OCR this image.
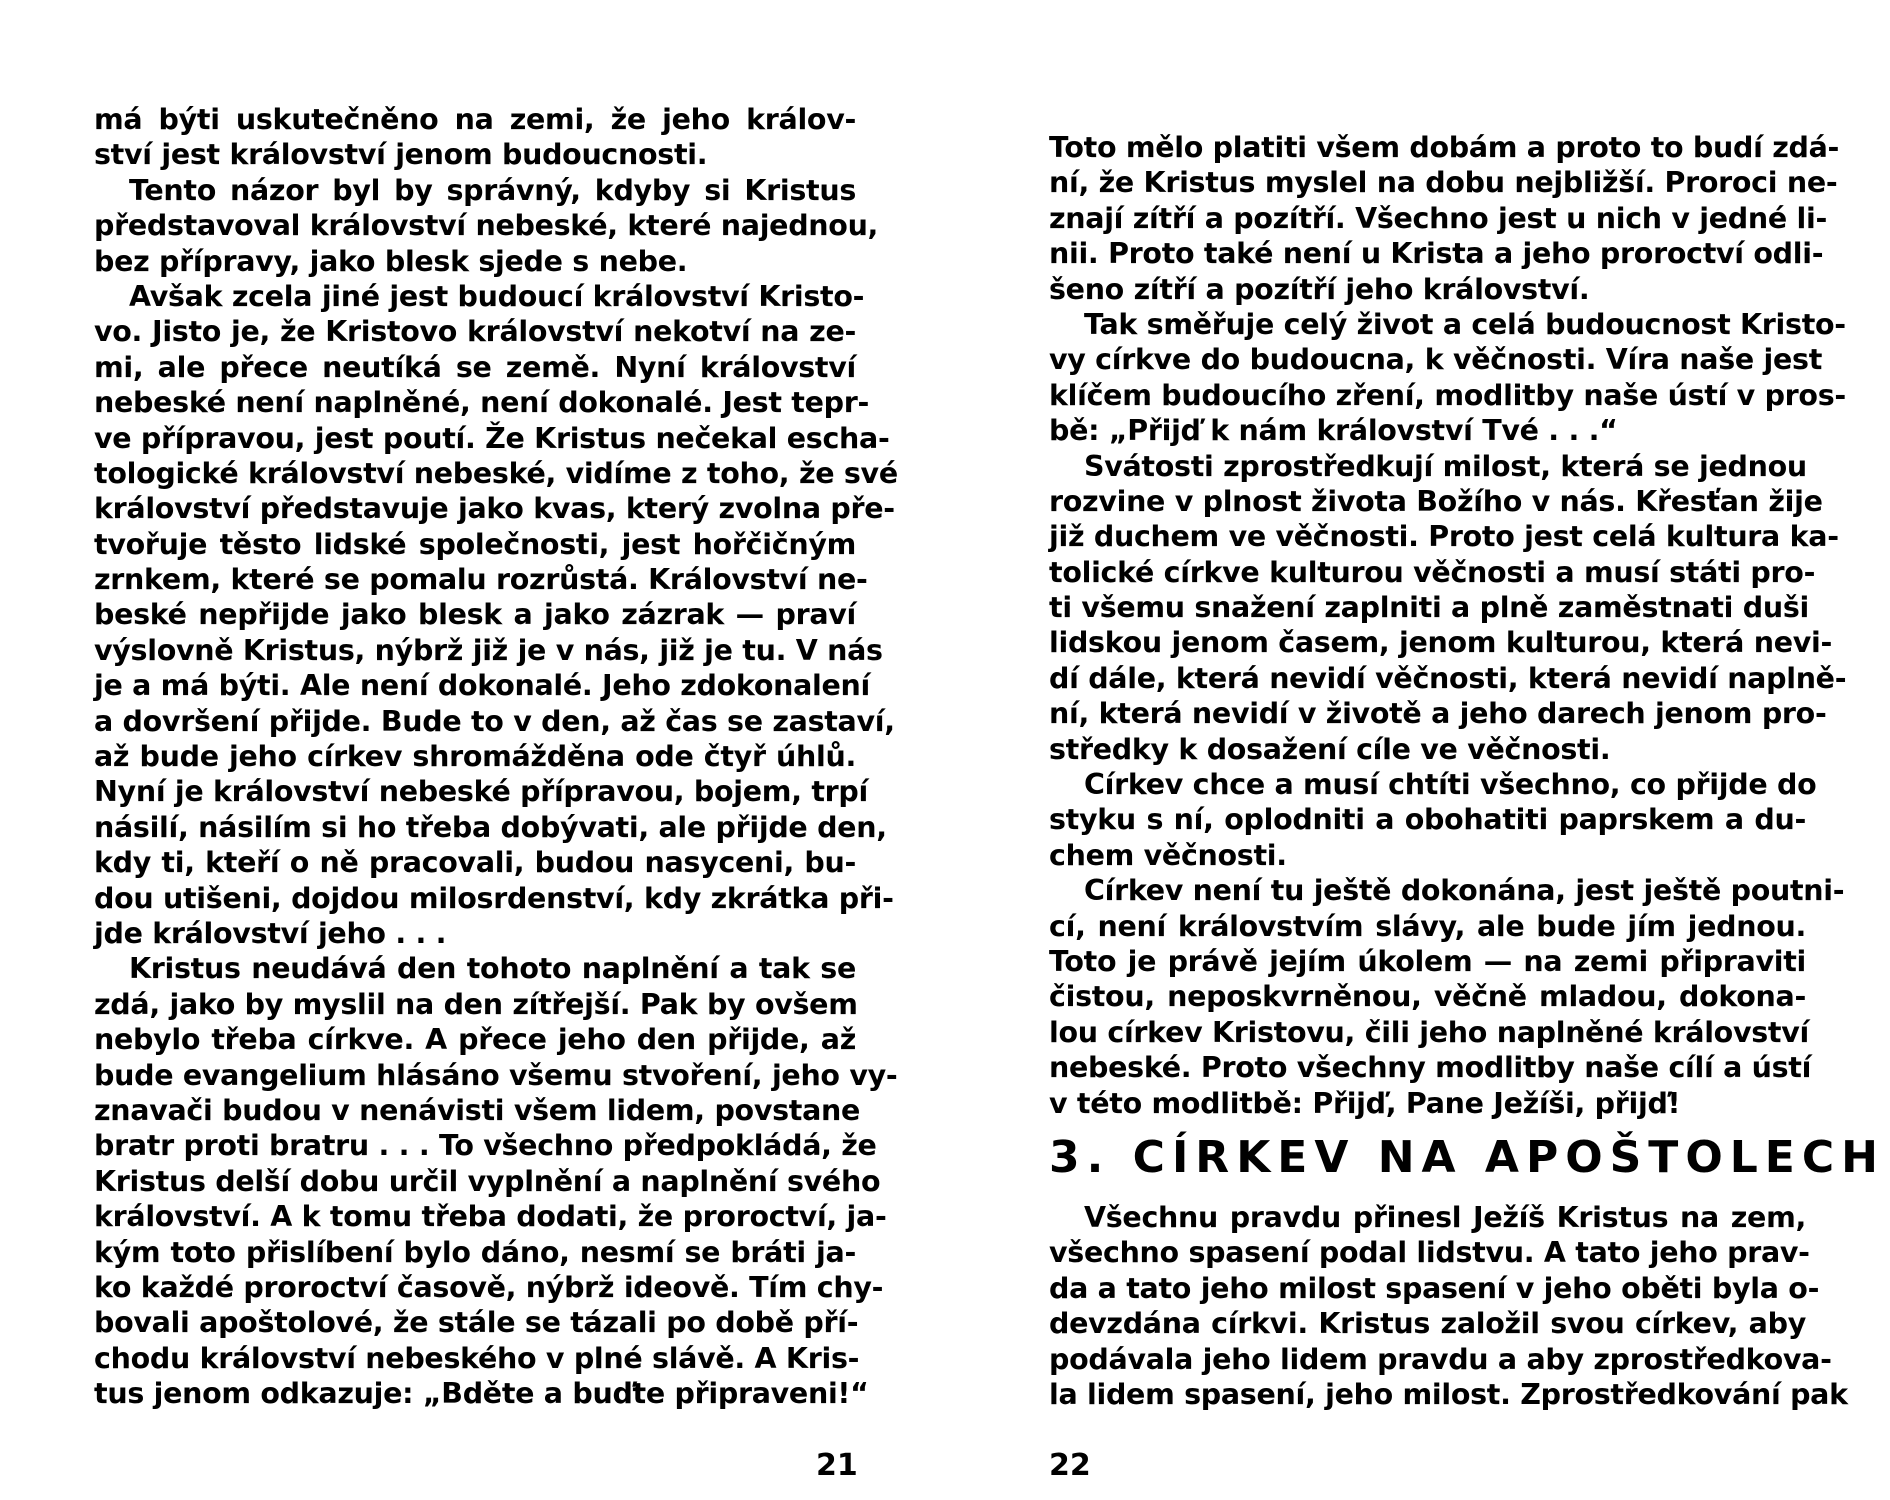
má býti uskutečněno na zemi, že jeho králov-
ství jest království jenom budoucnosti.
Tento názor byl by správný, kdyby si Kristus
představoval království nebeské, které najednou,
bez přípravy, jako blesk sjede s nebe.
Avšak zcela jiné jest budoucí království Kristo-
vo. Jisto je, že Kristovo království nekotví na ze-
mi, ale přece neutíká se země. Nyní království
nebeské není naplněné, není dokonalé. Jest tepr-
ve přípravou, jest poutí. Že Kristus nečekal escha-
tologické království nebeské, vidíme z toho, že své
království představuje jako kvas, který zvolna pře-
tvořuje těsto lidské společnosti, jest hořčičným
zrnkem, které se pomalu rozrůstá. Království ne-
beské nepřijde jako blesk a jako zázrak — praví
výslovně Kristus, nýbrž již je v nás, již je tu. V nás
je a má býti. Ale není dokonalé. Jeho zdokonalení
a dovršení přijde. Bude to v den, až čas se zastaví,
až bude jeho církev shromážděna ode čtyř úhlů.
Nyní je království nebeské přípravou, bojem, trpí
násilí, násilím si ho třeba dobývati, ale přijde den,
kdy ti, kteří o ně pracovali, budou nasyceni, bu-
dou utišeni, dojdou milosrdenství, kdy zkrátka při-
jde království jeho . . .
Kristus neudává den tohoto naplnění a tak se
zdá, jako by myslil na den zítřejší. Pak by ovšem
nebylo třeba církve. A přece jeho den přijde, až
bude evangelium hlásáno všemu stvoření, jeho vy-
znavači budou v nenávisti všem lidem, povstane
bratr proti bratru . . . To všechno předpokládá, že
Kristus delší dobu určil vyplnění a naplnění svého
království. A k tomu třeba dodati, že proroctví, ja-
kým toto přislíbení bylo dáno, nesmí se bráti ja-
ko každé proroctví časově, nýbrž ideově. Tím chy-
bovali apoštolové, že stále se tázali po době pří-
chodu království nebeského v plné slávě. A Kris-
tus jenom odkazuje: „Bděte a buďte připraveni!“
21
Toto mělo platiti všem dobám a proto to budí zdá-
ní, že Kristus myslel na dobu nejbližší. Proroci ne-
znají zítří a pozítří. Všechno jest u nich v jedné li-
nii. Proto také není u Krista a jeho proroctví odli-
šeno zítří a pozítří jeho království.
Tak směřuje celý život a celá budoucnost Kristo-
vy církve do budoucna, k věčnosti. Víra naše jest
klíčem budoucího zření, modlitby naše ústí v pros-
bě: „Přijď k nám království Tvé . . .“
Svátosti zprostředkují milost, která se jednou
rozvine v plnost života Božího v nás. Křesťan žije
již duchem ve věčnosti. Proto jest celá kultura ka-
tolické církve kulturou věčnosti a musí státi pro-
ti všemu snažení zaplniti a plně zaměstnati duši
lidskou jenom časem, jenom kulturou, která nevi-
dí dále, která nevidí věčnosti, která nevidí naplně-
ní, která nevidí v životě a jeho darech jenom pro-
středky k dosažení cíle ve věčnosti.
Církev chce a musí chtíti všechno, co přijde do
styku s ní, oplodniti a obohatiti paprskem a du-
chem věčnosti.
Církev není tu ještě dokonána, jest ještě poutni-
cí, není královstvím slávy, ale bude jím jednou.
Toto je právě jejím úkolem — na zemi připraviti
čistou, neposkvrněnou, věčně mladou, dokona-
lou církev Kristovu, čili jeho naplněné království
nebeské. Proto všechny modlitby naše cílí a ústí
v této modlitbě: Přijď, Pane Ježíši, přijď!
3. CÍRKEV NA APOŠTOLECH
Všechnu pravdu přinesl Ježíš Kristus na zem,
všechno spasení podal lidstvu. A tato jeho prav-
da a tato jeho milost spasení v jeho oběti byla o-
devzdána církvi. Kristus založil svou církev, aby
podávala jeho lidem pravdu a aby zprostředkova-
la lidem spasení, jeho milost. Zprostředkování pak
22
